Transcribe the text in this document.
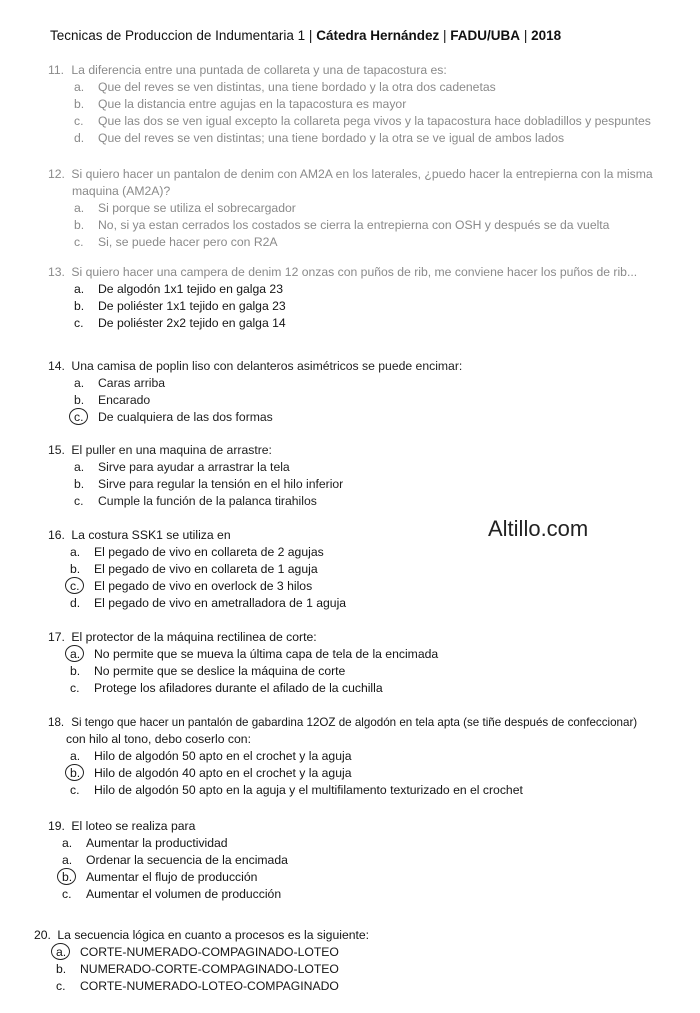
Tecnicas de Produccion de Indumentaria 1 | Cátedra Hernández | FADU/UBA | 2018
11. La diferencia entre una puntada de collareta y una de tapacostura es:
a.	Que del reves se ven distintas, una tiene bordado y la otra dos cadenetas
b.	Que la distancia entre agujas en la tapacostura es mayor
c.	Que las dos se ven igual excepto la collareta pega vivos y la tapacostura hace dobladillos y pespuntes
d.	Que del reves se ven distintas; una tiene bordado y la otra se ve igual de ambos lados
12. Si quiero hacer un pantalon de denim con AM2A en los laterales, ¿puedo hacer la entrepierna con la misma
maquina (AM2A)?
a.	Si porque se utiliza el sobrecargador
b.	No, si ya estan cerrados los costados se cierra la entrepierna con OSH y después se da vuelta
c.	Si, se puede hacer pero con R2A
13. Si quiero hacer una campera de denim 12 onzas con puños de rib, me conviene hacer los puños de rib...
a.	De algodón 1x1 tejido en galga 23
b.	De poliéster 1x1 tejido en galga 23
c.	De poliéster 2x2 tejido en galga 14
14. Una camisa de poplin liso con delanteros asimétricos se puede encimar:
a.	Caras arriba
b.	Encarado
c.	De cualquiera de las dos formas
15. El puller en una maquina de arrastre:
a.	Sirve para ayudar a arrastrar la tela
b.	Sirve para regular la tensión en el hilo inferior
c.	Cumple la función de la palanca tirahilos
Altillo.com
16. La costura SSK1 se utiliza en
a.	El pegado de vivo en collareta de 2 agujas
b.	El pegado de vivo en collareta de 1 aguja
c.	El pegado de vivo en overlock de 3 hilos
d.	El pegado de vivo en ametralladora de 1 aguja
17. El protector de la máquina rectilinea de corte:
a.	No permite que se mueva la última capa de tela de la encimada
b.	No permite que se deslice la máquina de corte
c.	Protege los afiladores durante el afilado de la cuchilla
18. Si tengo que hacer un pantalón de gabardina 12OZ de algodón en tela apta (se tiñe después de confeccionar)
con hilo al tono, debo coserlo con:
a.	Hilo de algodón 50 apto en el crochet y la aguja
b.	Hilo de algodón 40 apto en el crochet y la aguja
c.	Hilo de algodón 50 apto en la aguja y el multifilamento texturizado en el crochet
19. El loteo se realiza para
a.	Aumentar la productividad
a.	Ordenar la secuencia de la encimada
b.	Aumentar el flujo de producción
c.	Aumentar el volumen de producción
20. La secuencia lógica en cuanto a procesos es la siguiente:
a.	CORTE-NUMERADO-COMPAGINADO-LOTEO
b.	NUMERADO-CORTE-COMPAGINADO-LOTEO
c.	CORTE-NUMERADO-LOTEO-COMPAGINADO
